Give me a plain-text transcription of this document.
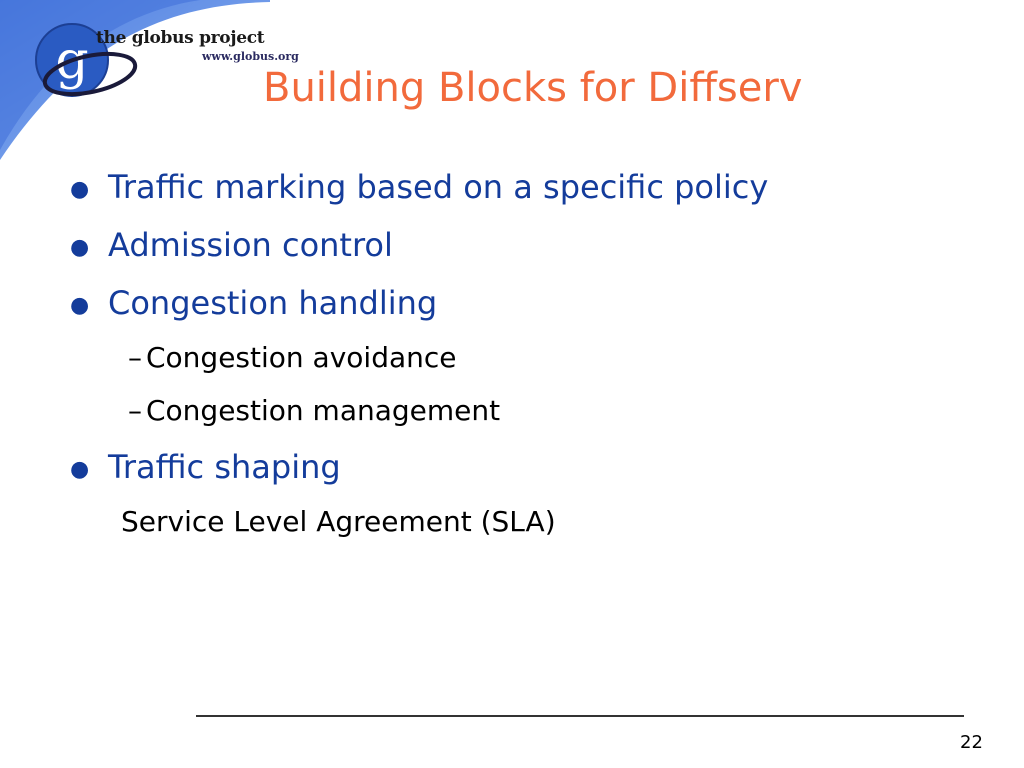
g the globus project
www.globus.org
Building Blocks for Diffserv
● Traffic marking based on a specific policy
● Admission control
● Congestion handling
– Congestion avoidance
– Congestion management
● Traffic shaping
Service Level Agreement (SLA)
22
